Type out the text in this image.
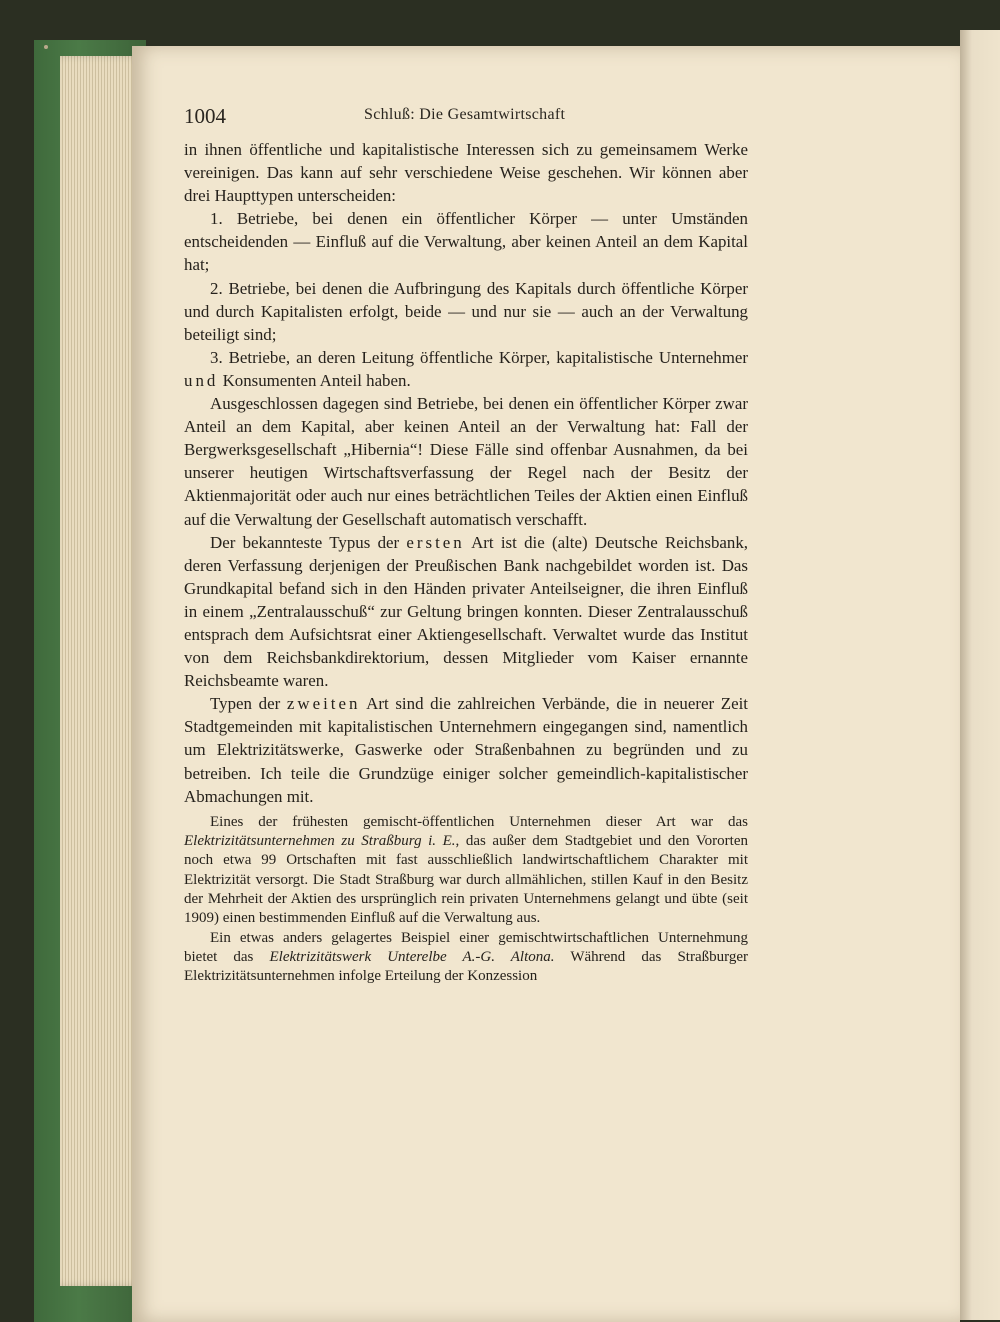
1004	Schluß: Die Gesamtwirtschaft

in ihnen öffentliche und kapitalistische Interessen sich zu gemeinsamem Werke vereinigen. Das kann auf sehr verschiedene Weise geschehen. Wir können aber drei Haupttypen unterscheiden:

1. Betriebe, bei denen ein öffentlicher Körper — unter Umständen entscheidenden — Einfluß auf die Verwaltung, aber keinen Anteil an dem Kapital hat;

2. Betriebe, bei denen die Aufbringung des Kapitals durch öffentliche Körper und durch Kapitalisten erfolgt, beide — und nur sie — auch an der Verwaltung beteiligt sind;

3. Betriebe, an deren Leitung öffentliche Körper, kapitalistische Unternehmer und Konsumenten Anteil haben.

Ausgeschlossen dagegen sind Betriebe, bei denen ein öffentlicher Körper zwar Anteil an dem Kapital, aber keinen Anteil an der Verwaltung hat: Fall der Bergwerksgesellschaft „Hibernia“! Diese Fälle sind offenbar Ausnahmen, da bei unserer heutigen Wirtschaftsverfassung der Regel nach der Besitz der Aktienmajorität oder auch nur eines beträchtlichen Teiles der Aktien einen Einfluß auf die Verwaltung der Gesellschaft automatisch verschafft.

Der bekannteste Typus der ersten Art ist die (alte) Deutsche Reichsbank, deren Verfassung derjenigen der Preußischen Bank nachgebildet worden ist. Das Grundkapital befand sich in den Händen privater Anteilseigner, die ihren Einfluß in einem „Zentralausschuß“ zur Geltung bringen konnten. Dieser Zentralausschuß entsprach dem Aufsichtsrat einer Aktiengesellschaft. Verwaltet wurde das Institut von dem Reichsbankdirektorium, dessen Mitglieder vom Kaiser ernannte Reichsbeamte waren.

Typen der zweiten Art sind die zahlreichen Verbände, die in neuerer Zeit Stadtgemeinden mit kapitalistischen Unternehmern eingegangen sind, namentlich um Elektrizitätswerke, Gaswerke oder Straßenbahnen zu begründen und zu betreiben. Ich teile die Grundzüge einiger solcher gemeindlich-kapitalistischer Abmachungen mit.

Eines der frühesten gemischt-öffentlichen Unternehmen dieser Art war das Elektrizitätsunternehmen zu Straßburg i. E., das außer dem Stadtgebiet und den Vororten noch etwa 99 Ortschaften mit fast ausschließlich landwirtschaftlichem Charakter mit Elektrizität versorgt. Die Stadt Straßburg war durch allmählichen, stillen Kauf in den Besitz der Mehrheit der Aktien des ursprünglich rein privaten Unternehmens gelangt und übte (seit 1909) einen bestimmenden Einfluß auf die Verwaltung aus.

Ein etwas anders gelagertes Beispiel einer gemischtwirtschaftlichen Unternehmung bietet das Elektrizitätswerk Unterelbe A.-G. Altona. Während das Straßburger Elektrizitätsunternehmen infolge Erteilung der Konzession
